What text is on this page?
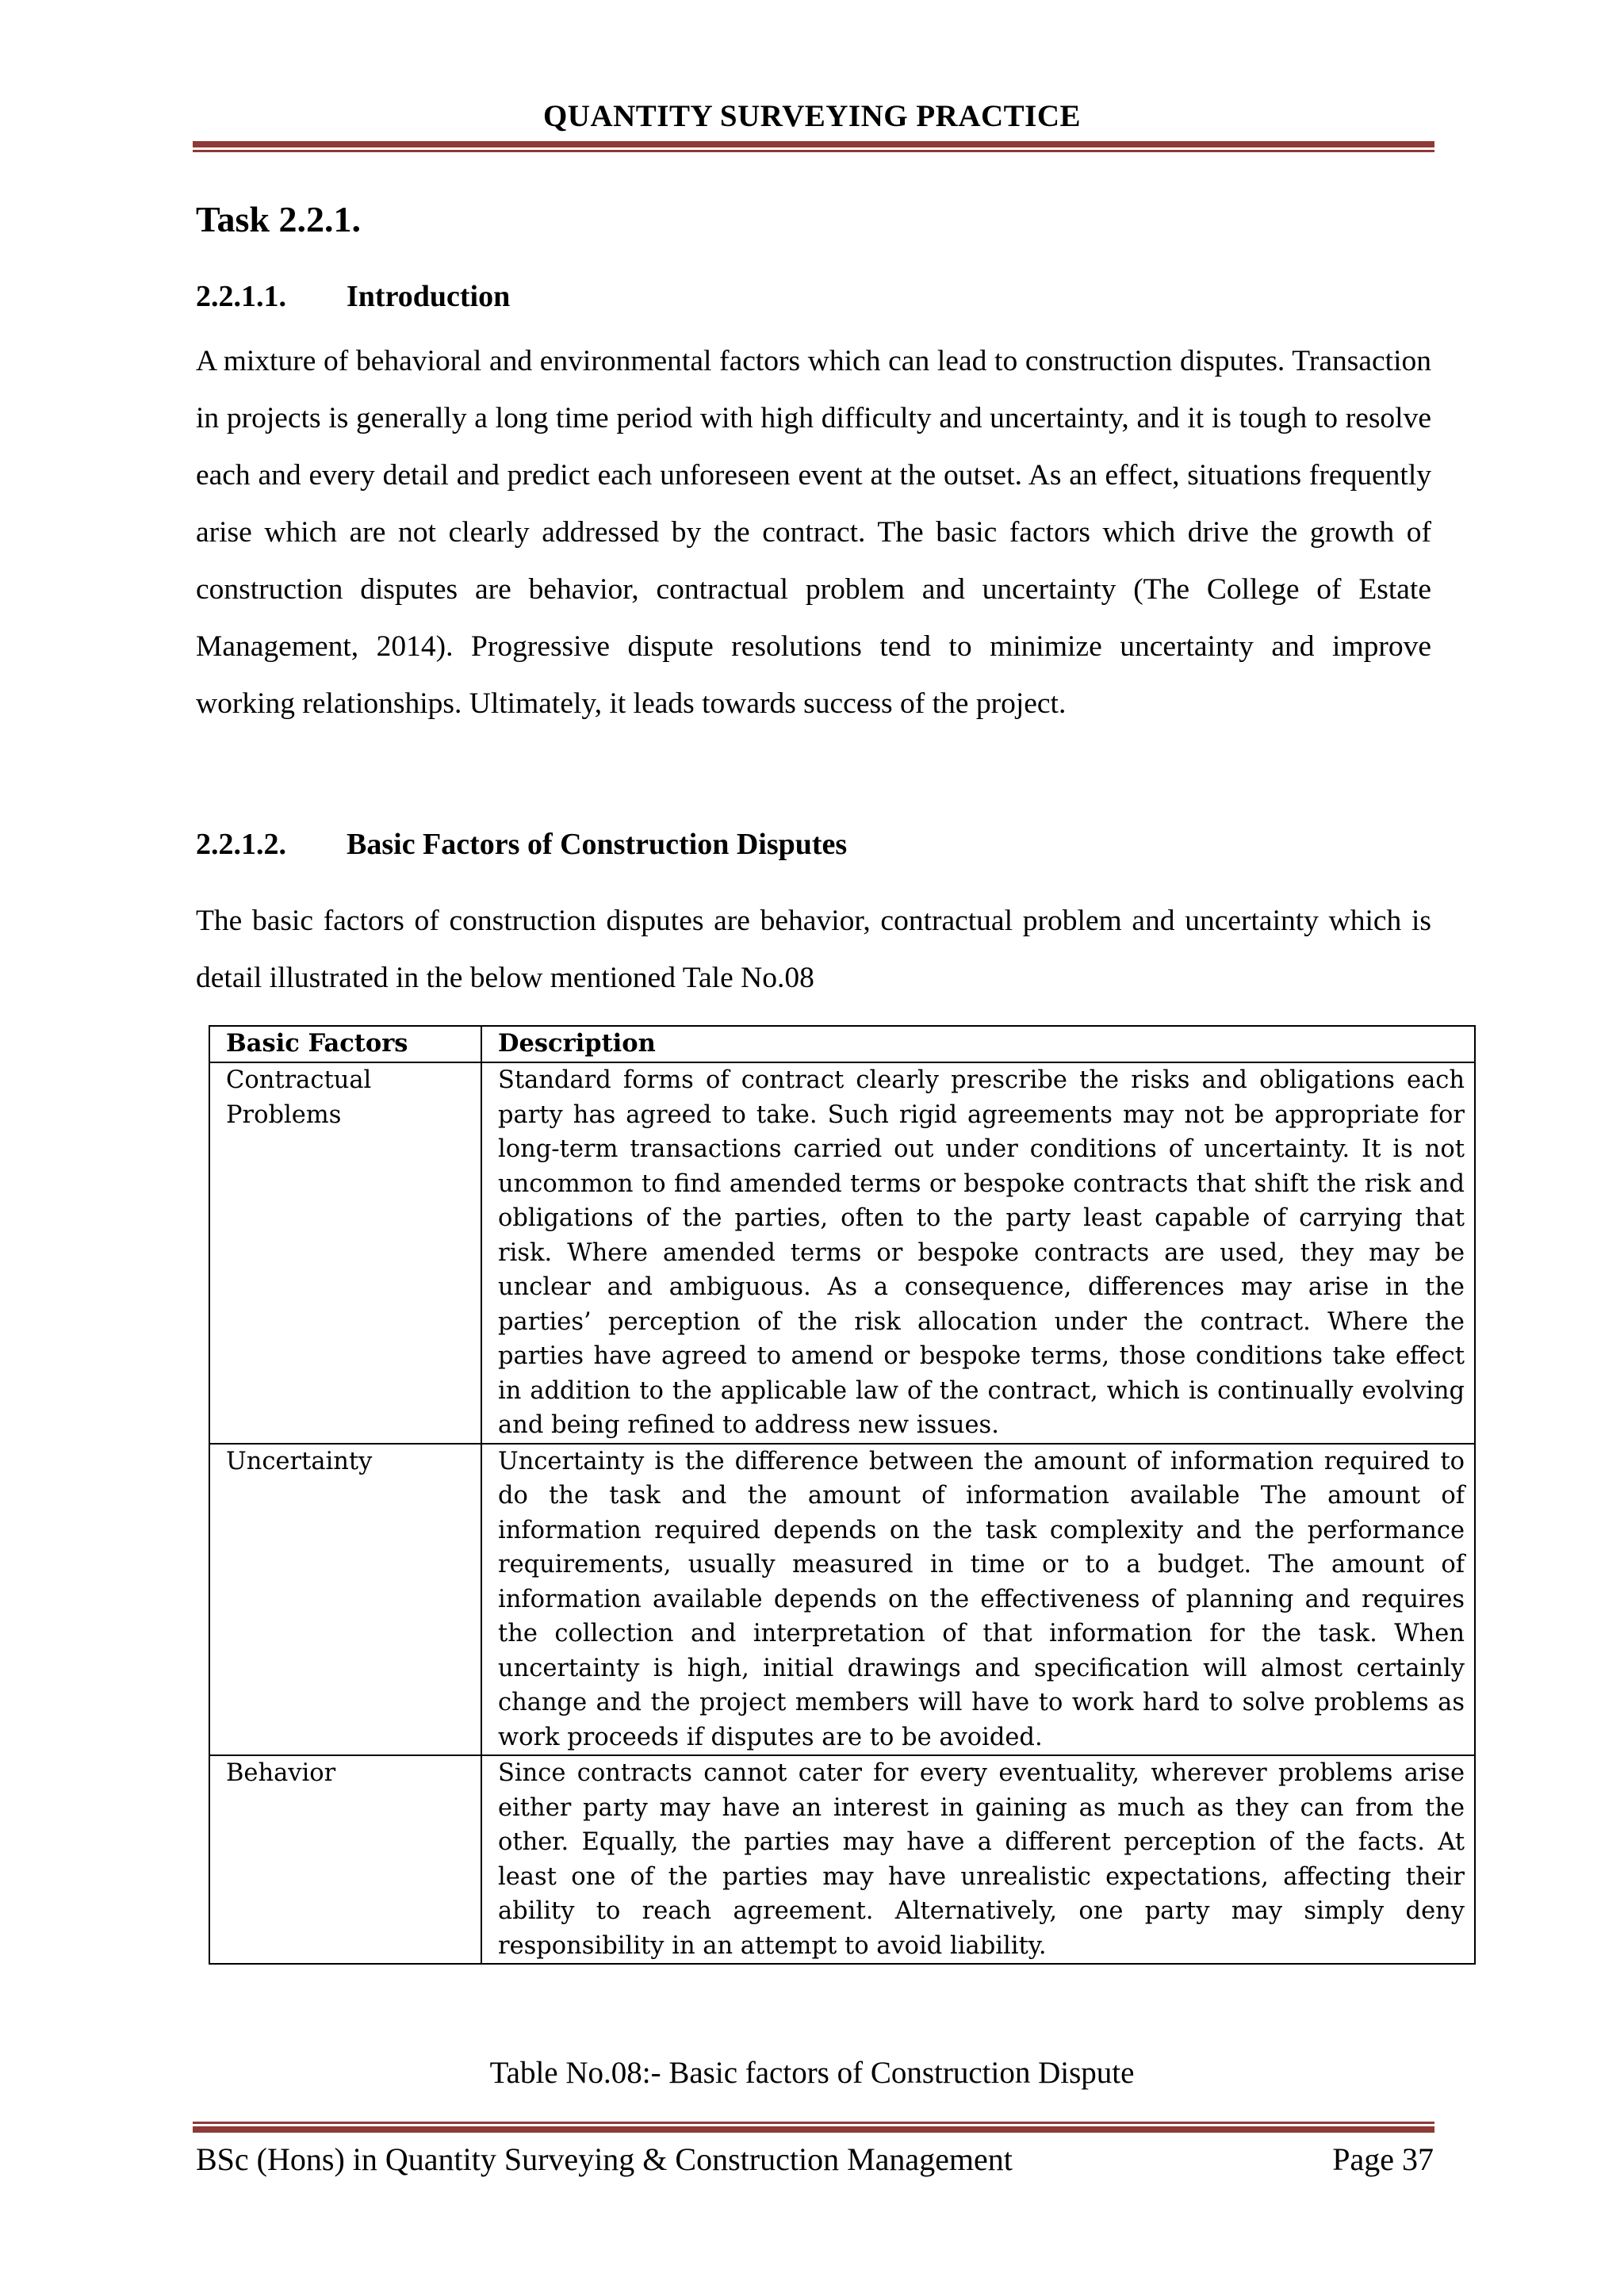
QUANTITY SURVEYING PRACTICE
Task 2.2.1.
2.2.1.1. Introduction

A mixture of behavioral and environmental factors which can lead to construction disputes. Transaction in projects is generally a long time period with high difficulty and uncertainty, and it is tough to resolve each and every detail and predict each unforeseen event at the outset. As an effect, situations frequently arise which are not clearly addressed by the contract. The basic factors which drive the growth of construction disputes are behavior, contractual problem and uncertainty (The College of Estate Management, 2014). Progressive dispute resolutions tend to minimize uncertainty and improve working relationships. Ultimately, it leads towards success of the project.

2.2.1.2. Basic Factors of Construction Disputes

The basic factors of construction disputes are behavior, contractual problem and uncertainty which is detail illustrated in the below mentioned Tale No.08

Basic Factors	Description
Contractual Problems	Standard forms of contract clearly prescribe the risks and obligations each party has agreed to take. Such rigid agreements may not be appropriate for long-term transactions carried out under conditions of uncertainty. It is not uncommon to find amended terms or bespoke contracts that shift the risk and obligations of the parties, often to the party least capable of carrying that risk. Where amended terms or bespoke contracts are used, they may be unclear and ambiguous. As a consequence, differences may arise in the parties’ perception of the risk allocation under the contract. Where the parties have agreed to amend or bespoke terms, those conditions take effect in addition to the applicable law of the contract, which is continually evolving and being refined to address new issues.
Uncertainty	Uncertainty is the difference between the amount of information required to do the task and the amount of information available The amount of information required depends on the task complexity and the performance requirements, usually measured in time or to a budget. The amount of information available depends on the effectiveness of planning and requires the collection and interpretation of that information for the task. When uncertainty is high, initial drawings and specification will almost certainly change and the project members will have to work hard to solve problems as work proceeds if disputes are to be avoided.
Behavior	Since contracts cannot cater for every eventuality, wherever problems arise either party may have an interest in gaining as much as they can from the other. Equally, the parties may have a different perception of the facts. At least one of the parties may have unrealistic expectations, affecting their ability to reach agreement. Alternatively, one party may simply deny responsibility in an attempt to avoid liability.
Table No.08:- Basic factors of Construction Dispute
BSc (Hons) in Quantity Surveying & Construction Management	Page 37
